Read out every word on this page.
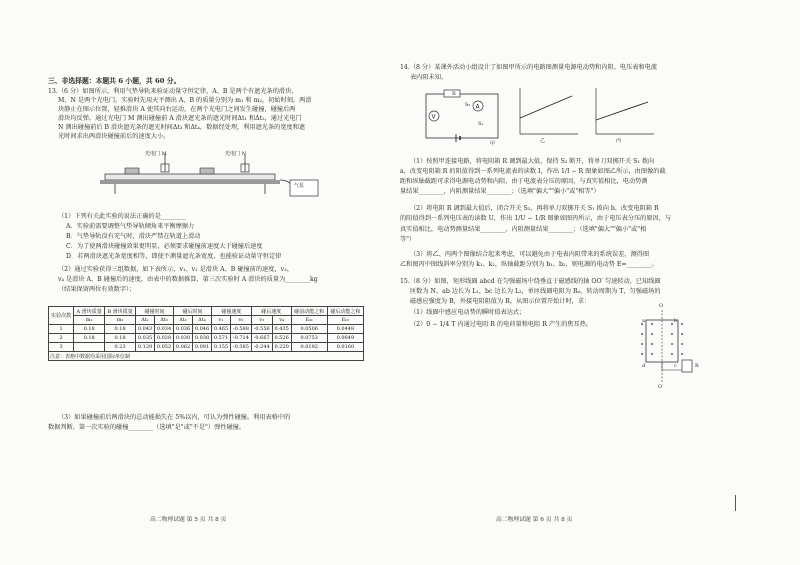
三、非选择题：本题共 6 小题，共 60 分。
13.（6 分）如图所示，利用气垫导轨来验证动量守恒定律，A、B 是两个有遮光条的滑块，
M、N 是两个光电门，实验时先用天平测出 A、B 的质量分别为 m₁ 和 m₂，初始时刻，两滑
块静止在图示位置，轻推滑块 A 使其向右运动，在两个光电门之间发生碰撞，碰撞后两
滑块均反弹。通过光电门 M 测出碰撞前 A 滑块遮光条的遮光时间Δt₁ 和Δt₂，通过光电门
N 测出碰撞前后 B 滑块遮光条的遮光时间Δt₃ 和Δt₄，数据经处理，利用遮光条的宽度和遮
光时间求出两滑块碰撞前后的速度大小。
光电门 M	光电门 N
气泵
（1）下列有关此实验的说法正确的是________
A．实验前需要调整气垫导轨倾角来平衡摩擦力
B．气垫导轨没有充气时，滑块严禁在轨道上滑动
C．为了使两滑块碰撞效果更明显，必须要求碰撞前速度大于碰撞后速度
D．若两滑块遮光条宽度相等，即使不测量遮光条宽度，也能验证动量守恒定律
（2）通过实验获得三组数据，如下表所示，v₁、v₂ 是滑块 A、B 碰撞前的速度，v₃、
v₄ 是滑块 A、B 碰撞后的速度，由表中的数据推算，第三次实验时 A 滑块的质量为________kg
（结果保留两位有效数字）；
实验次数	A 滑块质量	B 滑块质量	碰撞时间		碰后时间		碰撞速度		碰后速度		碰前动能之和	碰后动能之和
	m₁	m₂	Δt₁	Δt₃	Δt₂	Δt₄	v₁	v₂	v₃	v₄	Eₖ₁	Eₖ₂
1	0.18	0.18	0.043	0.034	0.036	0.046	0.465	-0.588	-0.556	0.435	0.0506	0.0448
2	0.18	0.18	0.035	0.028	0.030	0.038	0.571	-0.714	-0.667	0.526	0.0753	0.0649
3		0.23	0.129	0.052	0.062	0.091	0.155	-0.385	-0.244	0.220	0.0192	0.0160
注意：表格中数据均采用国际单位制												
（3）如果碰撞前后两滑块的总动能损失在 5%以内，可认为弹性碰撞。利用表格中的
数据判断，第一次实验的碰撞________（选填"是"或"不是"）弹性碰撞。
高二物理试题 第 5 页 共 8 页
14.（8 分）某课外活动小组设计了如图甲所示的电路图测量电源电动势和内阻、电压表和电流
表内阻未知。
A
V
S₂
S₁
R
甲	乙	丙
（1）按照甲连接电路，将电阻箱 R 调到最大值，保持 S₂ 断开，将单刀双掷开关 S₁ 拨向
a，改变电阻箱 R 的阻值得到一系列电流表的读数 I，作出 1/I − R 图象如图乙所示，由图像的截
距和纵轴截距可求得电源电动势和内阻，由于电流表分压的原因，与真实值相比，电动势测
量结果________，内阻测量结果________；（选填"偏大""偏小"或"相等"）
（2）将电阻 R 调到最大值后，闭合开关 S₂，再将单刀双掷开关 S₁ 拨向 b，改变电阻箱 R
的阻值得到一系列电压表的读数 U，作出 1/U − 1/R 图象如图丙所示，由于电压表分压的原因，与
真实值相比，电动势测量结果________，内阻测量结果________；（选填"偏大""偏小"或"相
等"）
（3）将乙、丙两个图像结合起来考虑，可以避免由于电表内阻带来的系统误差，测得图
乙和图丙中图线斜率分别为 k₁、k₂，纵轴截距分别为 b₁、b₂，则电源的电动势 E=________。
15.（8 分）如图，矩形线圈 abcd 在匀强磁场中绕垂直于磁感线的轴 OO′ 匀速转动，已知线圈
匝数为 N，ab 边长为 L₁，bc 边长为 L₂，单匝线圈电阻为 R₀，转动周期为 T，匀强磁场的
磁感应强度为 B，外接电阻阻值为 R。从图示位置开始计时，求：
（1）线圈中感应电动势的瞬时值表达式；
（2）0 − 1/4 T 内通过电阻 R 的电荷量和电阻 R 产生的焦耳热。
O
O′
a	b
c
d	R
高二物理试题 第 6 页 共 8 页
